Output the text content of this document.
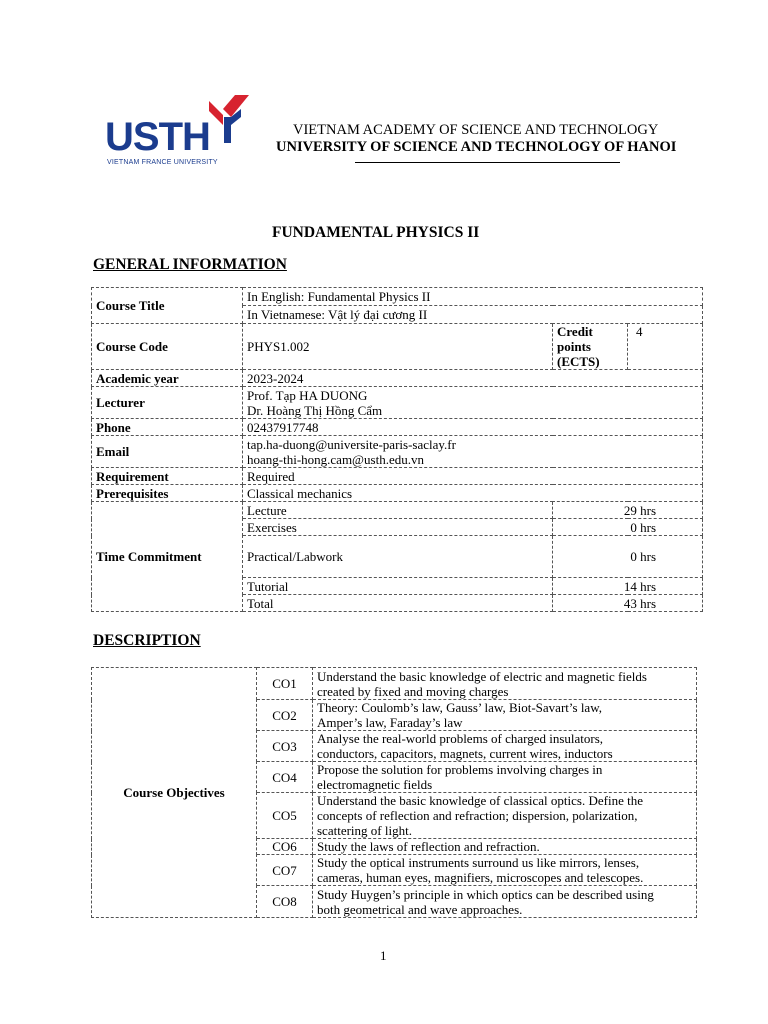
USTH
VIETNAM FRANCE UNIVERSITY
VIETNAM ACADEMY OF SCIENCE AND TECHNOLOGY
UNIVERSITY OF SCIENCE AND TECHNOLOGY OF HANOI
FUNDAMENTAL PHYSICS II
GENERAL INFORMATION
Course Title	In English: Fundamental Physics II		
	In Vietnamese: Vật lý đại cương II		
Course Code	PHYS1.002	Credit
points
(ECTS)	4
Academic year	2023-2024		
Lecturer	Prof. Tạp HA DUONG
Dr. Hoàng Thị Hồng Cẩm		
Phone	02437917748		
Email	tap.ha-duong@universite-paris-saclay.fr
hoang-thi-hong.cam@usth.edu.vn		
Requirement	Required		
Prerequisites	Classical mechanics		
Time Commitment	Lecture	29 hrs	
	Exercises	0 hrs	
	Practical/Labwork	0 hrs	
	Tutorial	14 hrs	
	Total	43 hrs	
DESCRIPTION
Course Objectives	CO1	Understand the basic knowledge of electric and magnetic fields
created by fixed and moving charges
	CO2	Theory: Coulomb’s law, Gauss’ law, Biot-Savart’s law,
Amper’s law, Faraday’s law
	CO3	Analyse the real-world problems of charged insulators,
conductors, capacitors, magnets, current wires, inductors
	CO4	Propose the solution for problems involving charges in
electromagnetic fields
	CO5	Understand the basic knowledge of classical optics. Define the
concepts of reflection and refraction; dispersion, polarization,
scattering of light.
	CO6	Study the laws of reflection and refraction.
	CO7	Study the optical instruments surround us like mirrors, lenses,
cameras, human eyes, magnifiers, microscopes and telescopes.
	CO8	Study Huygen’s principle in which optics can be described using
both geometrical and wave approaches.
1
